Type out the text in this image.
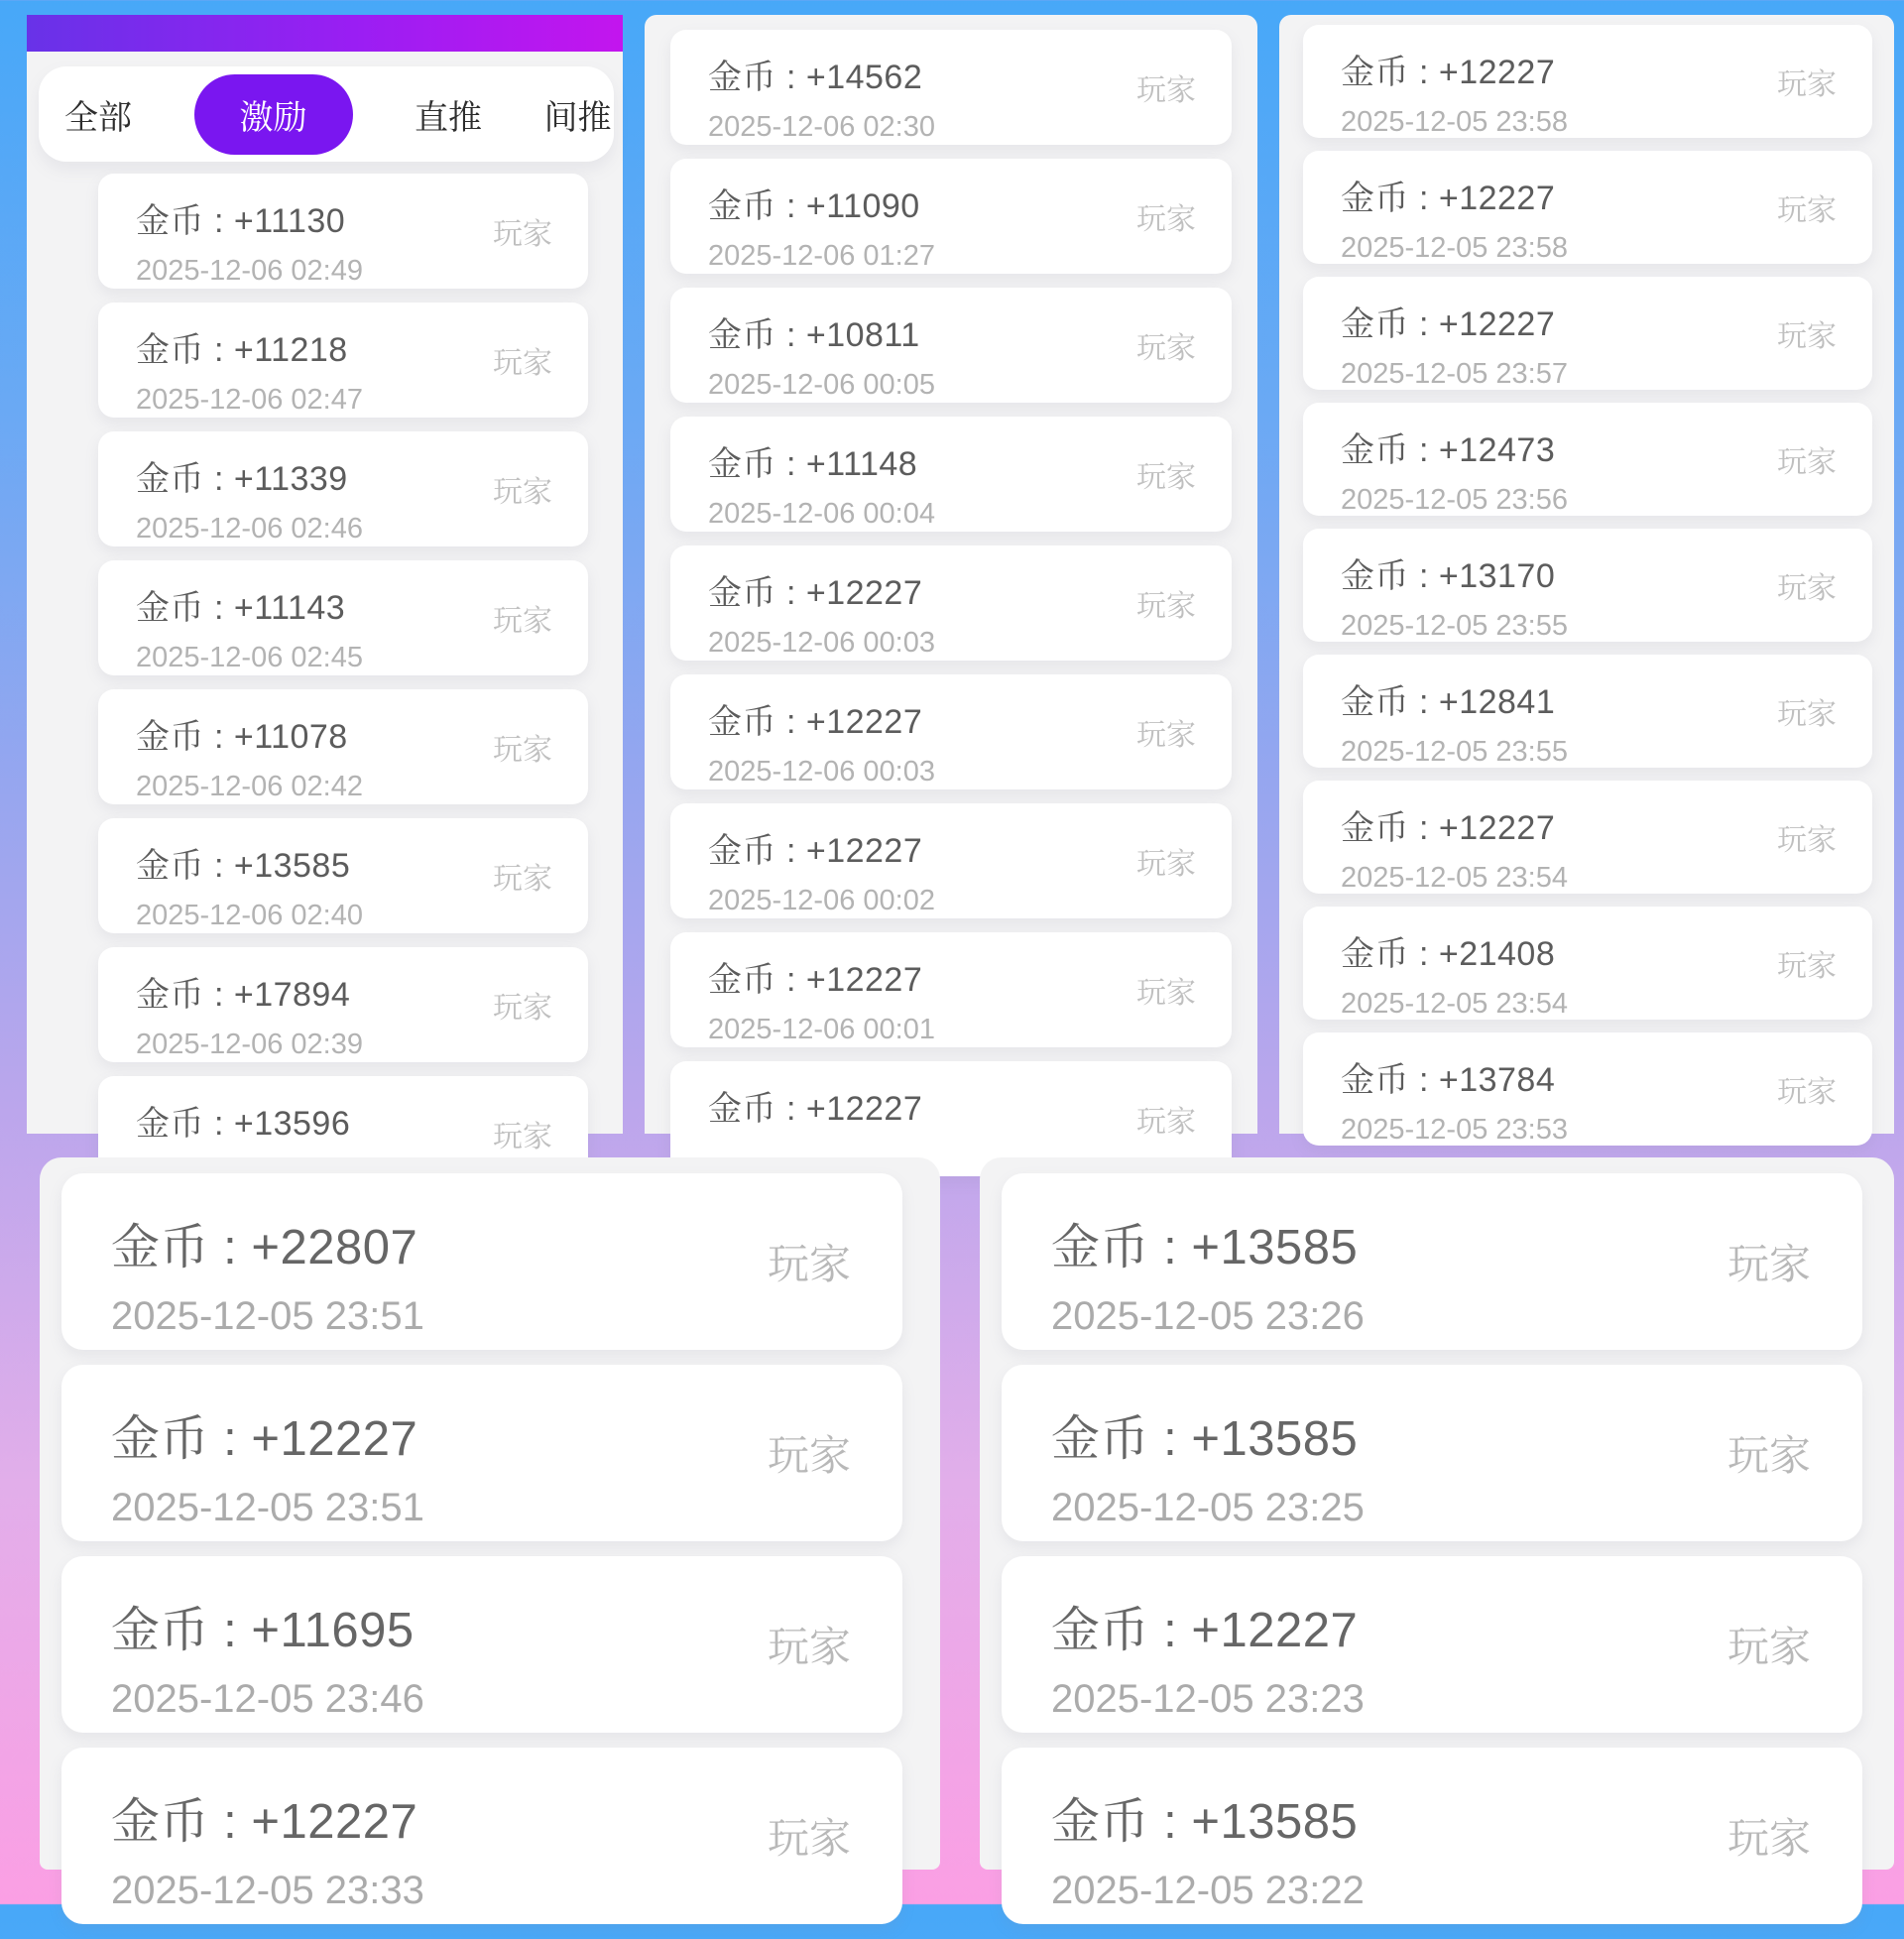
全部	激励	直推 间推
金币 : +11130
2025-12-06 02:49
玩家
金币 : +11218
2025-12-06 02:47
玩家
金币 : +11339
2025-12-06 02:46
玩家
金币 : +11143
2025-12-06 02:45
玩家
金币 : +11078
2025-12-06 02:42
玩家
金币 : +13585
2025-12-06 02:40
玩家
金币 : +17894
2025-12-06 02:39
玩家
金币 : +13596	玩家
金币 : +14562
2025-12-06 02:30
玩家
金币 : +11090
2025-12-06 01:27
玩家
金币 : +10811
2025-12-06 00:05
玩家
金币 : +11148
2025-12-06 00:04
玩家
金币 : +12227
2025-12-06 00:03
玩家
金币 : +12227
2025-12-06 00:03
玩家
金币 : +12227
2025-12-06 00:02
玩家
金币 : +12227
2025-12-06 00:01
玩家
金币 : +12227	玩家
金币 : +12227
2025-12-05 23:58
玩家
金币 : +12227
2025-12-05 23:58
玩家
金币 : +12227
2025-12-05 23:57
玩家
金币 : +12473
2025-12-05 23:56
玩家
金币 : +13170
2025-12-05 23:55
玩家
金币 : +12841
2025-12-05 23:55
玩家
金币 : +12227
2025-12-05 23:54
玩家
金币 : +21408
2025-12-05 23:54
玩家
金币 : +13784
2025-12-05 23:53
玩家
金币 : +22807
2025-12-05 23:51
玩家
金币 : +12227
2025-12-05 23:51
玩家
金币 : +11695
2025-12-05 23:46
玩家
金币 : +12227
2025-12-05 23:33
玩家
金币 : +13585
2025-12-05 23:26
玩家
金币 : +13585
2025-12-05 23:25
玩家
金币 : +12227
2025-12-05 23:23
玩家
金币 : +13585
2025-12-05 23:22
玩家
